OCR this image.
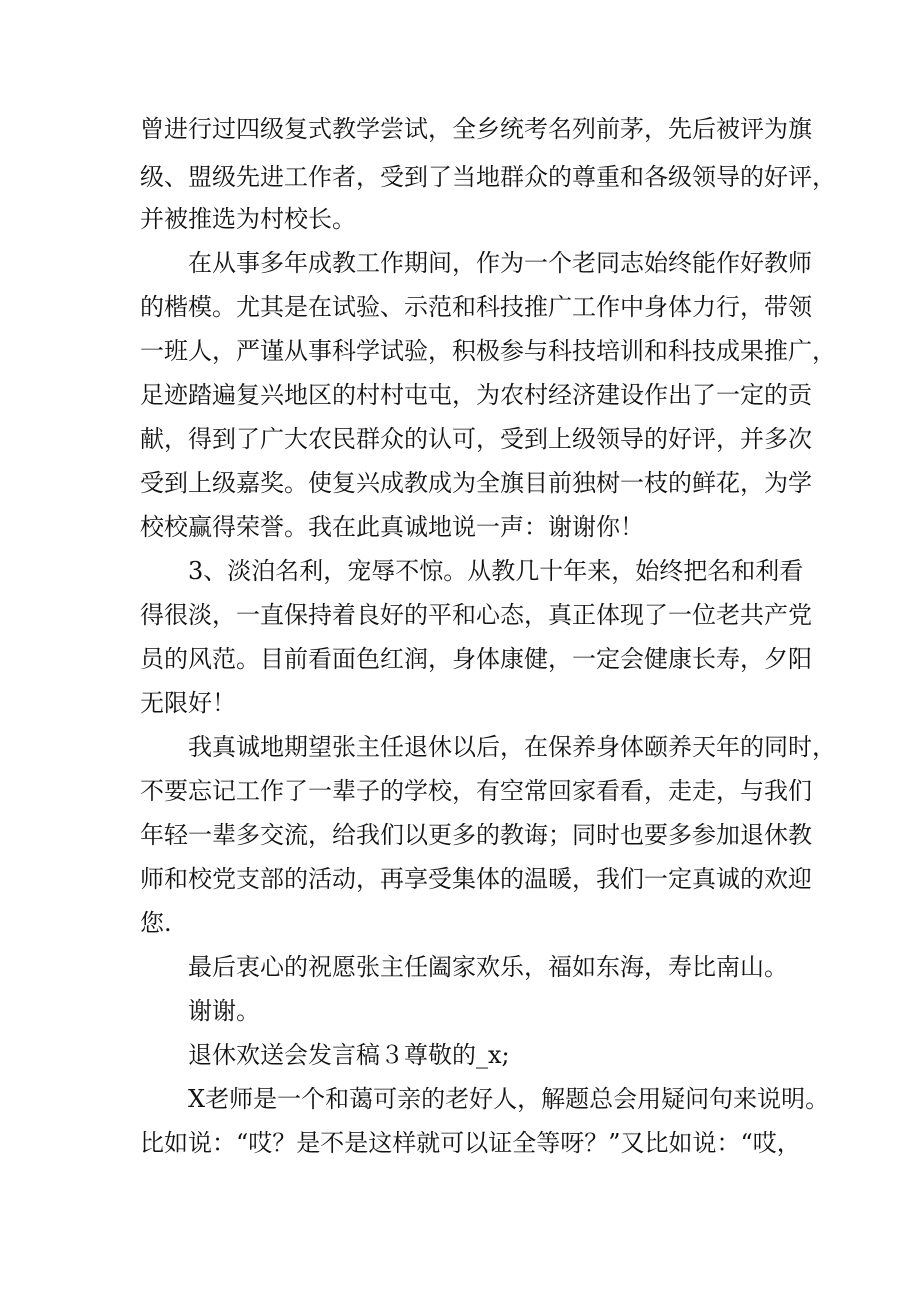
曾进行过四级复式教学尝试，全乡统考名列前茅，先后被评为旗
级、盟级先进工作者，受到了当地群众的尊重和各级领导的好评，
并被推选为村校长。
在从事多年成教工作期间，作为一个老同志始终能作好教师
的楷模。尤其是在试验、示范和科技推广工作中身体力行，带领
一班人，严谨从事科学试验，积极参与科技培训和科技成果推广，
足迹踏遍复兴地区的村村屯屯，为农村经济建设作出了一定的贡
献，得到了广大农民群众的认可，受到上级领导的好评，并多次
受到上级嘉奖。使复兴成教成为全旗目前独树一枝的鲜花，为学
校校赢得荣誉。我在此真诚地说一声：谢谢你！
3、淡泊名利，宠辱不惊。从教几十年来，始终把名和利看
得很淡，一直保持着良好的平和心态，真正体现了一位老共产党
员的风范。目前看面色红润，身体康健，一定会健康长寿，夕阳
无限好！
我真诚地期望张主任退休以后，在保养身体颐养天年的同时，
不要忘记工作了一辈子的学校，有空常回家看看，走走，与我们
年轻一辈多交流，给我们以更多的教诲；同时也要多参加退休教
师和校党支部的活动，再享受集体的温暖，我们一定真诚的欢迎
您.
最后衷心的祝愿张主任阖家欢乐，福如东海，寿比南山。
谢谢。
退休欢送会发言稿３尊敬的_x;
X老师是一个和蔼可亲的老好人，解题总会用疑问句来说明。
比如说：“哎？是不是这样就可以证全等呀？”又比如说：“哎，
